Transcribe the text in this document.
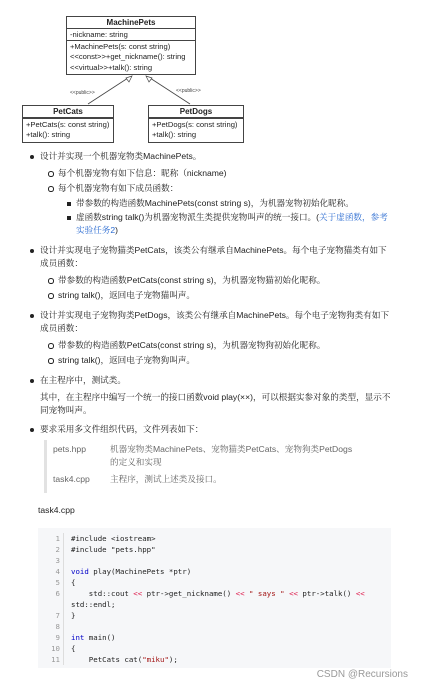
MachinePets
-nickname: string
+MachinePets(s: const string)
<<const>>+get_nickname(): string
<<virtual>>+talk(): string
<<public>>	<<public>>
PetCats
+PetCats(s: const string)
+talk(): string
PetDogs
+PetDogs(s: const string)
+talk(): string
设计并实现一个机器宠物类MachinePets。
每个机器宠物有如下信息：昵称（nickname)
每个机器宠物有如下成员函数：
带参数的构造函数MachinePets(const string s)，为机器宠物初始化昵称。
虚函数string talk()为机器宠物派生类提供宠物叫声的统一接口。(关于虚函数，参考实验任务2)
设计并实现电子宠物猫类PetCats，该类公有继承自MachinePets。每个电子宠物猫类有如下成员函数：
带参数的构造函数PetCats(const string s)，为机器宠物猫初始化昵称。
string talk()，返回电子宠物猫叫声。
设计并实现电子宠物狗类PetDogs，该类公有继承自MachinePets。每个电子宠物狗类有如下成员函数：
带参数的构造函数PetCats(const string s)，为机器宠物狗初始化昵称。
string talk()，返回电子宠物狗叫声。
在主程序中，测试类。
其中，在主程序中编写一个统一的接口函数void play(××)，可以根据实参对象的类型，显示不同宠物叫声。
要求采用多文件组织代码，文件列表如下：
pets.hpp	机器宠物类MachinePets、宠物猫类PetCats、宠物狗类PetDogs的定义和实现
task4.cpp	主程序，测试上述类及接口。
task4.cpp
1	#include <iostream>
2	#include "pets.hpp"
3
4	void play(MachinePets *ptr)
5	{
6	std::cout << ptr->get_nickname() << " says " << ptr->talk() <<
std::endl;
7	}
8
9	int main()
10	{
11	PetCats cat("miku");
CSDN @Recursions
